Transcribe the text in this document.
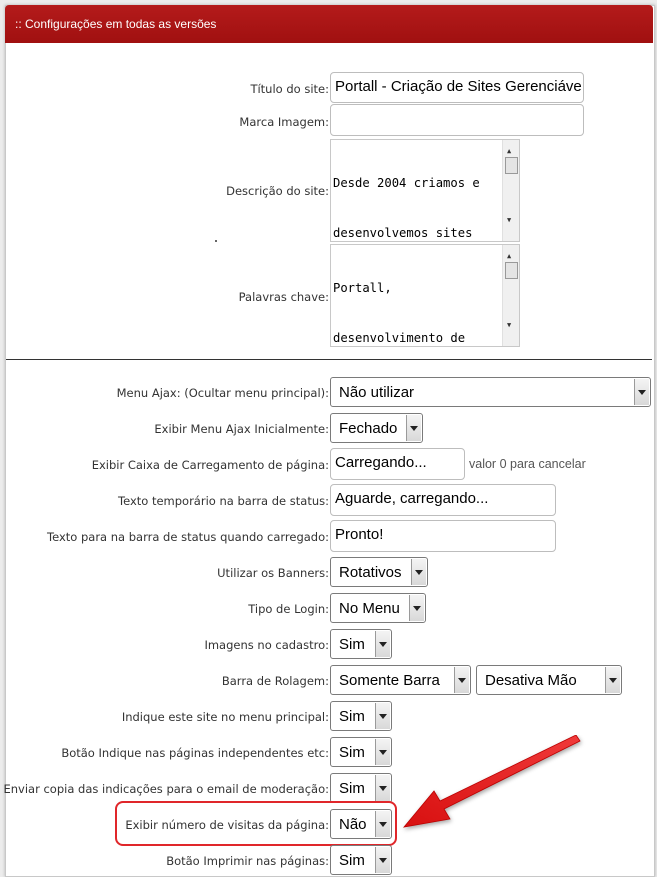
:: Configurações em todas as versões
Título do site: Portall - Criação de Sites Gerenciáve
Marca Imagem:
Descrição do site:

Desde 2004 criamos e

desenvolvemos sites

▲

▼

Palavras chave:

Portall,

desenvolvimento de

▲

▼

Menu Ajax: (Ocultar menu principal): Não utilizar
Exibir Menu Ajax Inicialmente: Fechado
Exibir Caixa de Carregamento de página: Carregando...	valor 0 para cancelar
Texto temporário na barra de status: Aguarde, carregando...
Texto para na barra de status quando carregado: Pronto!
Utilizar os Banners: Rotativos
Tipo de Login: No Menu
Imagens no cadastro: Sim
Barra de Rolagem: Somente Barra	Desativa Mão
Indique este site no menu principal: Sim
Botão Indique nas páginas independentes etc: Sim
Enviar copia das indicações para o email de moderação: Sim
Exibir número de visitas da página: Não
Botão Imprimir nas páginas: Sim
